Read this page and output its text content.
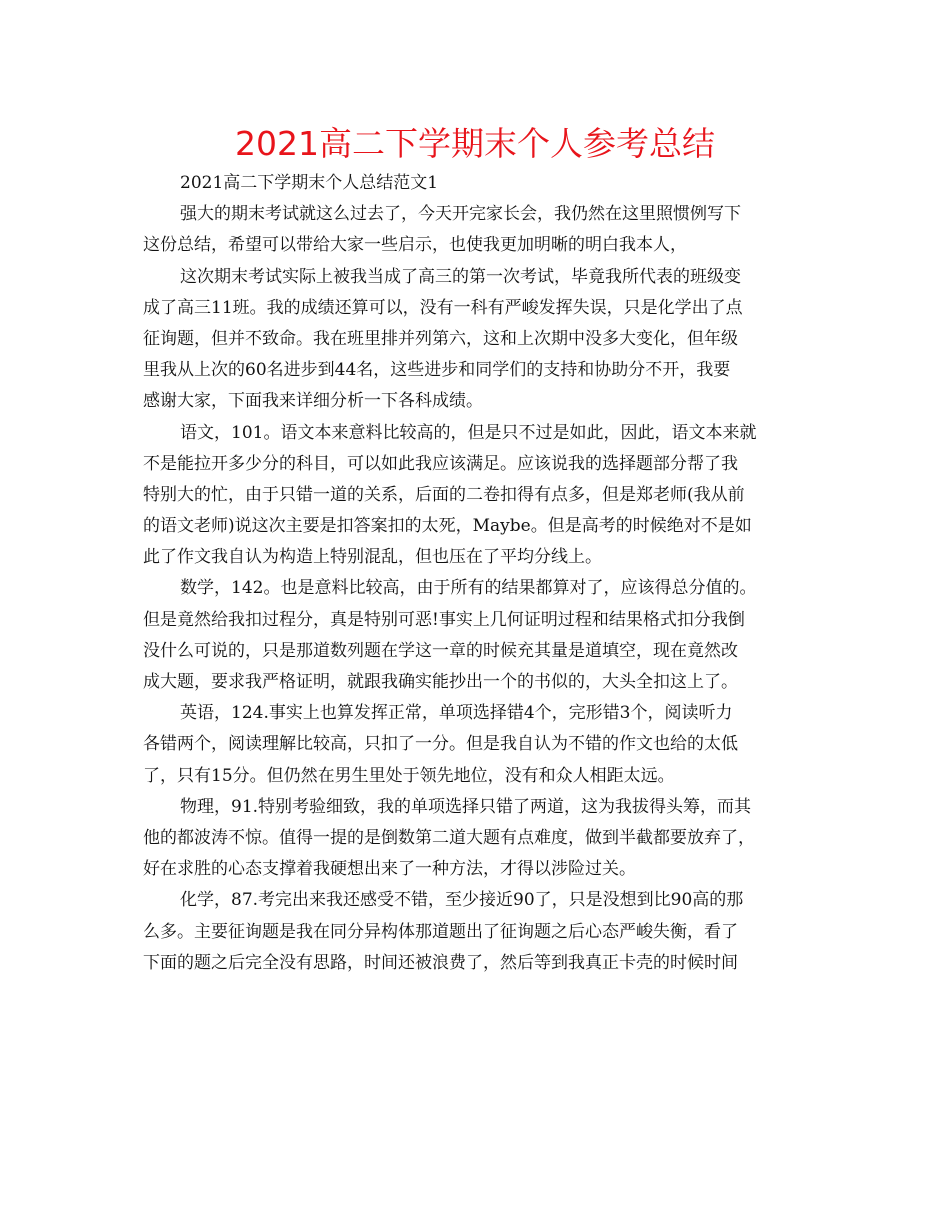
2021高二下学期末个人参考总结
2021高二下学期末个人总结范文1
强大的期末考试就这么过去了，今天开完家长会，我仍然在这里照惯例写下
这份总结，希望可以带给大家一些启示，也使我更加明晰的明白我本人，
这次期末考试实际上被我当成了高三的第一次考试，毕竟我所代表的班级变
成了高三11班。我的成绩还算可以，没有一科有严峻发挥失误，只是化学出了点
征询题，但并不致命。我在班里排并列第六，这和上次期中没多大变化，但年级
里我从上次的60名进步到44名，这些进步和同学们的支持和协助分不开，我要
感谢大家，下面我来详细分析一下各科成绩。
语文，101。语文本来意料比较高的，但是只不过是如此，因此，语文本来就
不是能拉开多少分的科目，可以如此我应该满足。应该说我的选择题部分帮了我
特别大的忙，由于只错一道的关系，后面的二卷扣得有点多，但是郑老师(我从前
的语文老师)说这次主要是扣答案扣的太死，Maybe。但是高考的时候绝对不是如
此了作文我自认为构造上特别混乱，但也压在了平均分线上。
数学，142。也是意料比较高，由于所有的结果都算对了，应该得总分值的。
但是竟然给我扣过程分，真是特别可恶!事实上几何证明过程和结果格式扣分我倒
没什么可说的，只是那道数列题在学这一章的时候充其量是道填空，现在竟然改
成大题，要求我严格证明，就跟我确实能抄出一个的书似的，大头全扣这上了。
英语，124.事实上也算发挥正常，单项选择错4个，完形错3个，阅读听力
各错两个，阅读理解比较高，只扣了一分。但是我自认为不错的作文也给的太低
了，只有15分。但仍然在男生里处于领先地位，没有和众人相距太远。
物理，91.特别考验细致，我的单项选择只错了两道，这为我拔得头筹，而其
他的都波涛不惊。值得一提的是倒数第二道大题有点难度，做到半截都要放弃了，
好在求胜的心态支撑着我硬想出来了一种方法，才得以涉险过关。
化学，87.考完出来我还感受不错，至少接近90了，只是没想到比90高的那
么多。主要征询题是我在同分异构体那道题出了征询题之后心态严峻失衡，看了
下面的题之后完全没有思路，时间还被浪费了，然后等到我真正卡壳的时候时间
